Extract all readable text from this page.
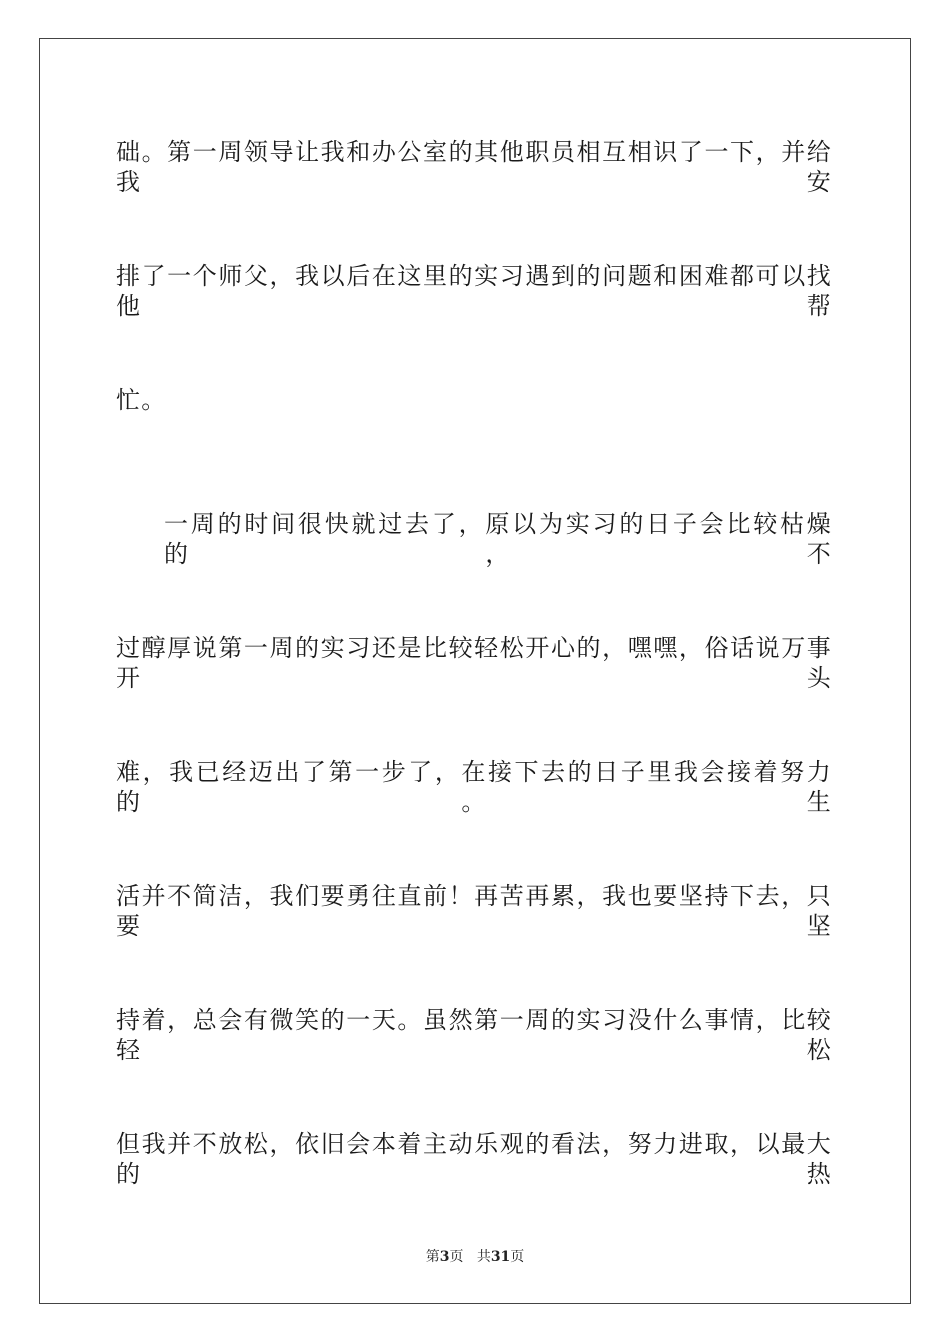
础。第一周领导让我和办公室的其他职员相互相识了一下，并给我安
排了一个师父，我以后在这里的实习遇到的问题和困难都可以找他帮
忙。
一周的时间很快就过去了，原以为实习的日子会比较枯燥的，不
过醇厚说第一周的实习还是比较轻松开心的，嘿嘿，俗话说万事开头
难，我已经迈出了第一步了，在接下去的日子里我会接着努力的。生
活并不简洁，我们要勇往直前！再苦再累，我也要坚持下去，只要坚
持着，总会有微笑的一天。虽然第一周的实习没什么事情，比较轻松
但我并不放松，依旧会本着主动乐观的看法，努力进取，以最大的热
第3页 共31页
